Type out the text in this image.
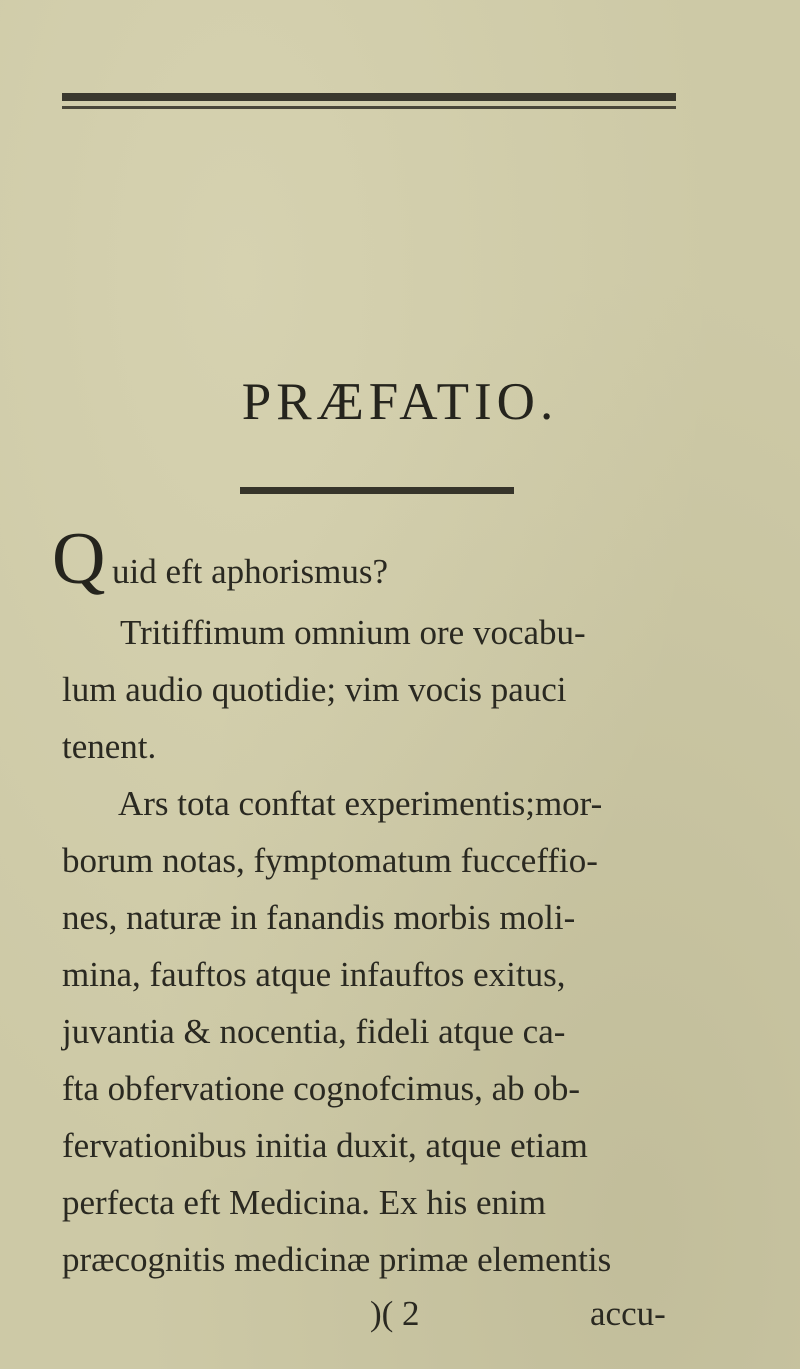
PRÆFATIO.
Q uid eft aphorismus?
Tritiffimum omnium ore vocabu-
lum audio quotidie; vim vocis pauci
tenent.
Ars tota conftat experimentis;mor-
borum notas, fymptomatum fucceffio-
nes, naturæ in fanandis morbis moli-
mina, fauftos atque infauftos exitus,
juvantia & nocentia, fideli atque ca-
fta obfervatione cognofcimus, ab ob-
fervationibus initia duxit, atque etiam
perfecta eft Medicina. Ex his enim
præcognitis medicinæ primæ elementis
)( 2	accu-
